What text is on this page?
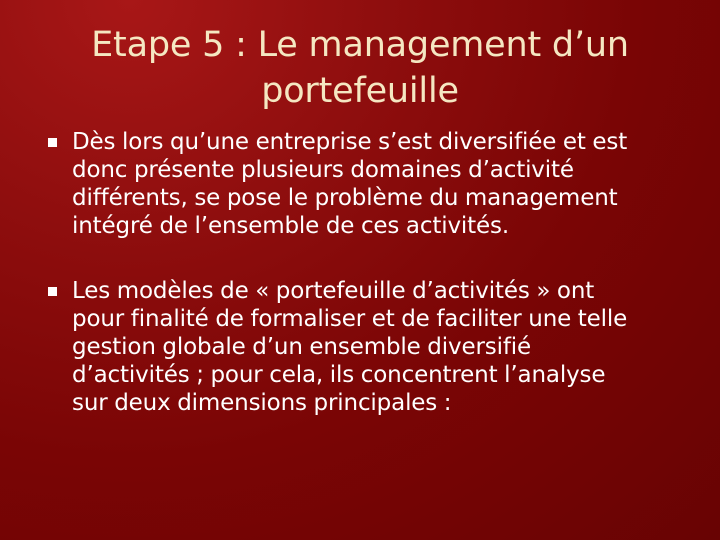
Etape 5 : Le management d’un
portefeuille
Dès lors qu’une entreprise s’est diversifiée et est
donc présente plusieurs domaines d’activité
différents, se pose le problème du management
intégré de l’ensemble de ces activités.
Les modèles de « portefeuille d’activités » ont
pour finalité de formaliser et de faciliter une telle
gestion globale d’un ensemble diversifié
d’activités ; pour cela, ils concentrent l’analyse
sur deux dimensions principales :
